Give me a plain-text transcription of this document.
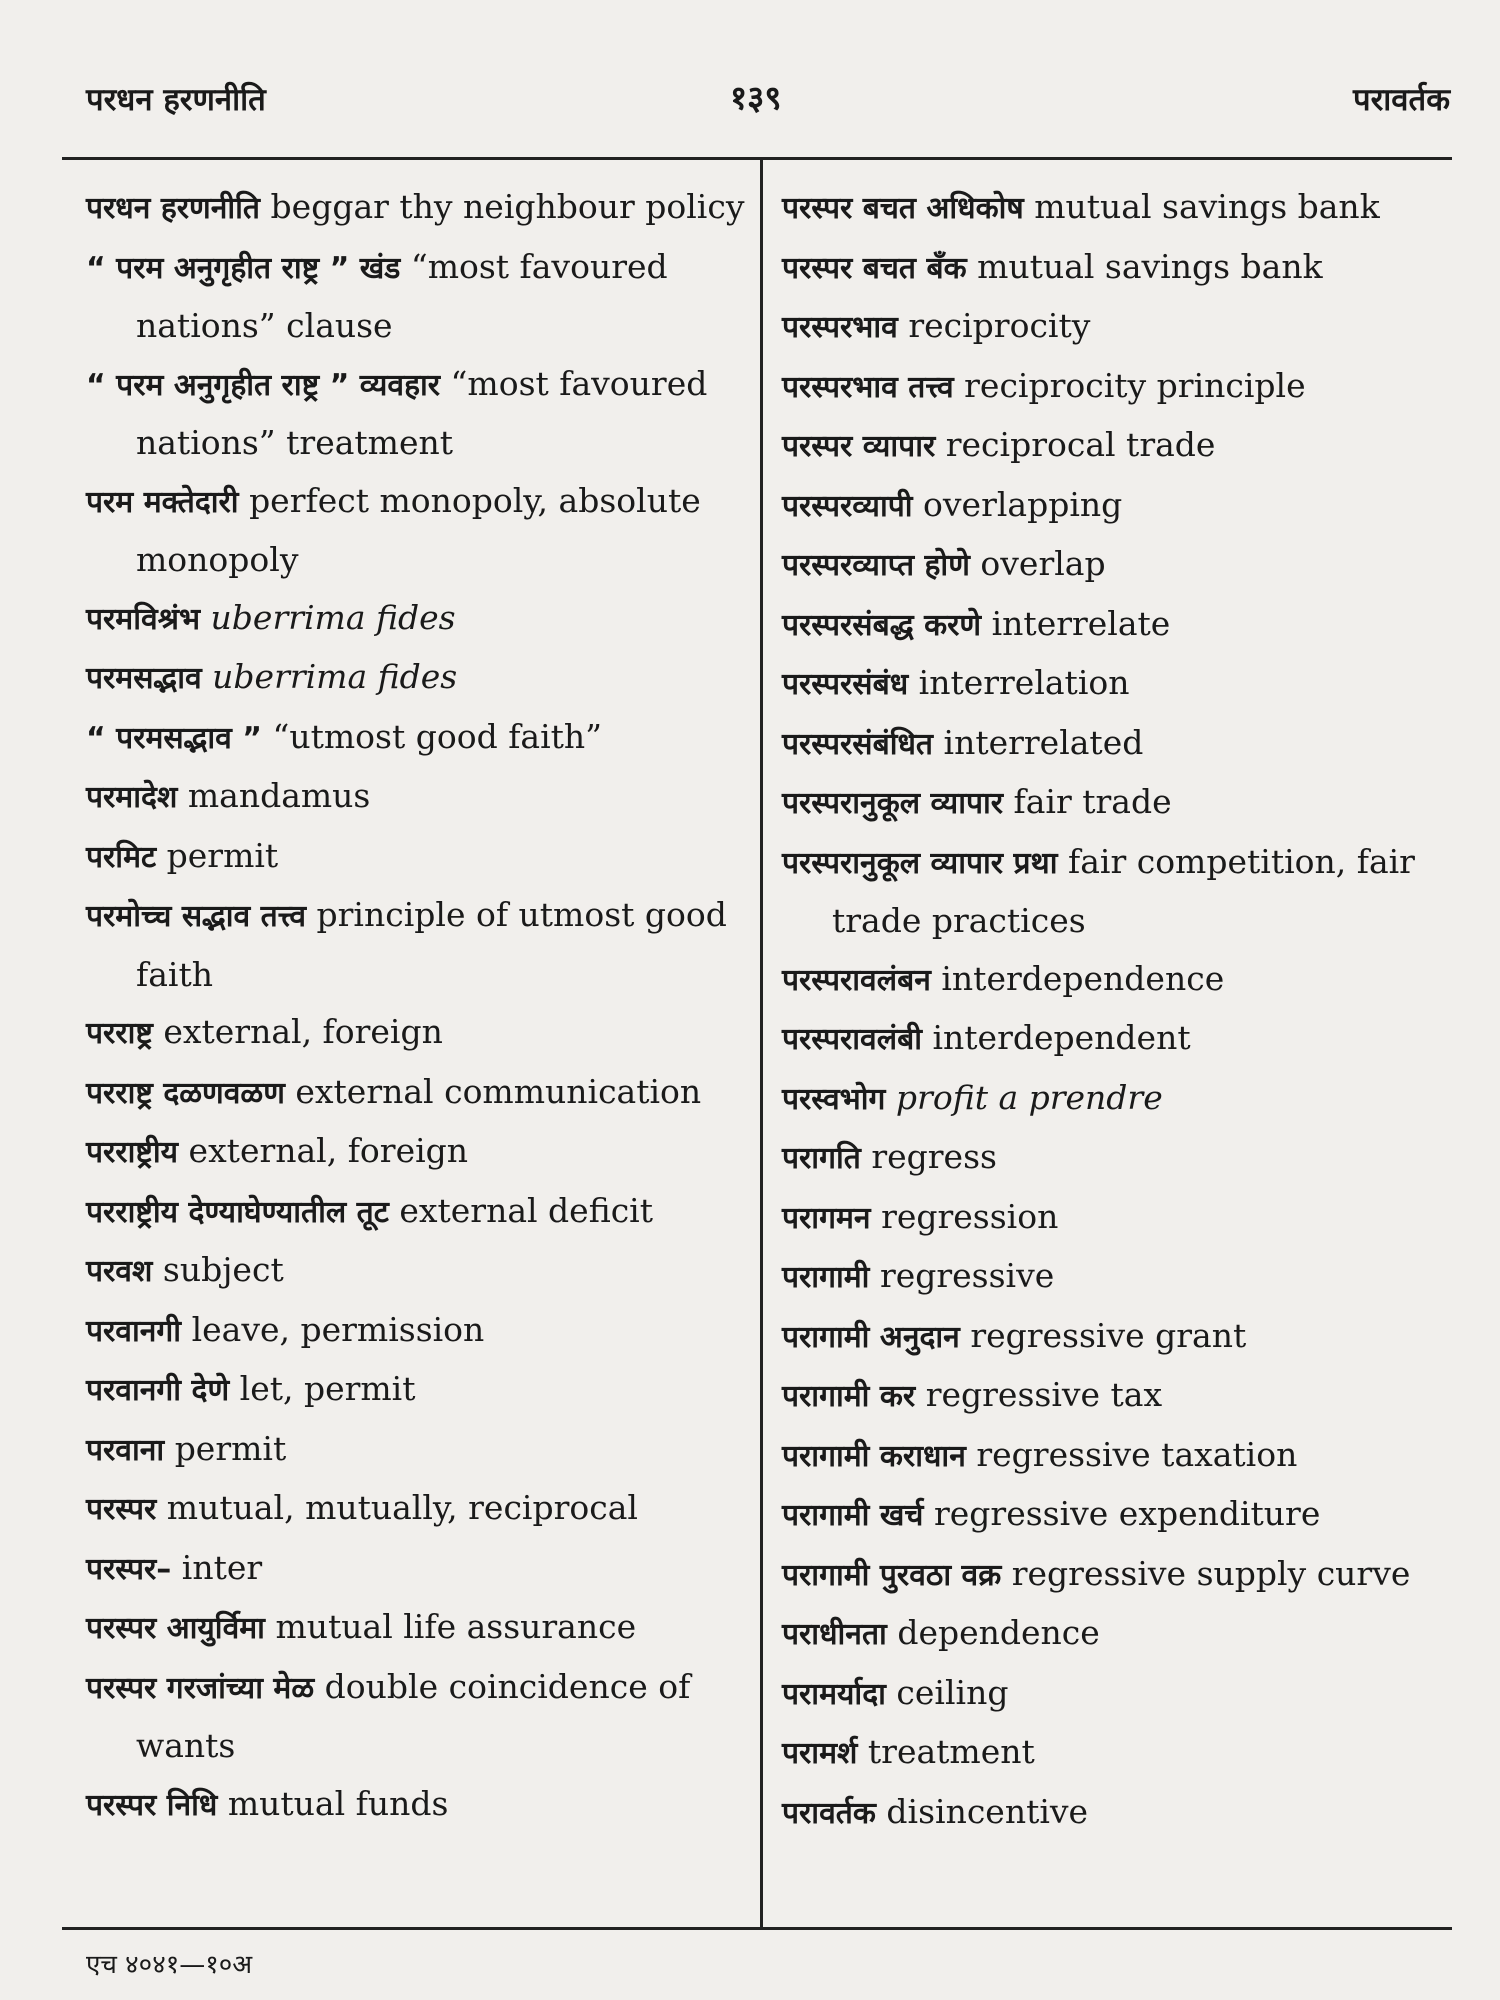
परधन हरणनीति	१३९	परावर्तक
परधन हरणनीति beggar thy neighbour policy
“ परम अनुगृहीत राष्ट्र ” खंड “most favoured nations” clause
“ परम अनुगृहीत राष्ट्र ” व्यवहार “most favoured nations” treatment
परम मक्तेदारी perfect monopoly, absolute monopoly
परमविश्रंभ uberrima fides
परमसद्भाव uberrima fides
“ परमसद्भाव ” “utmost good faith”
परमादेश mandamus
परमिट permit
परमोच्च सद्भाव तत्त्व principle of utmost good faith
परराष्ट्र external, foreign
परराष्ट्र दळणवळण external communication
परराष्ट्रीय external, foreign
परराष्ट्रीय देण्याघेण्यातील तूट external deficit
परवश subject
परवानगी leave, permission
परवानगी देणे let, permit
परवाना permit
परस्पर mutual, mutually, reciprocal
परस्पर– inter
परस्पर आयुर्विमा mutual life assurance
परस्पर गरजांच्या मेळ double coincidence of wants
परस्पर निधि mutual funds
परस्पर बचत अधिकोष mutual savings bank
परस्पर बचत बँक mutual savings bank
परस्परभाव reciprocity
परस्परभाव तत्त्व reciprocity principle
परस्पर व्यापार reciprocal trade
परस्परव्यापी overlapping
परस्परव्याप्त होणे overlap
परस्परसंबद्ध करणे interrelate
परस्परसंबंध interrelation
परस्परसंबंधित interrelated
परस्परानुकूल व्यापार fair trade
परस्परानुकूल व्यापार प्रथा fair competition, fair trade practices
परस्परावलंबन interdependence
परस्परावलंबी interdependent
परस्वभोग profit a prendre
परागति regress
परागमन regression
परागामी regressive
परागामी अनुदान regressive grant
परागामी कर regressive tax
परागामी कराधान regressive taxation
परागामी खर्च regressive expenditure
परागामी पुरवठा वक्र regressive supply curve
पराधीनता dependence
परामर्यादा ceiling
परामर्श treatment
परावर्तक disincentive
एच ४०४१—१०अ
